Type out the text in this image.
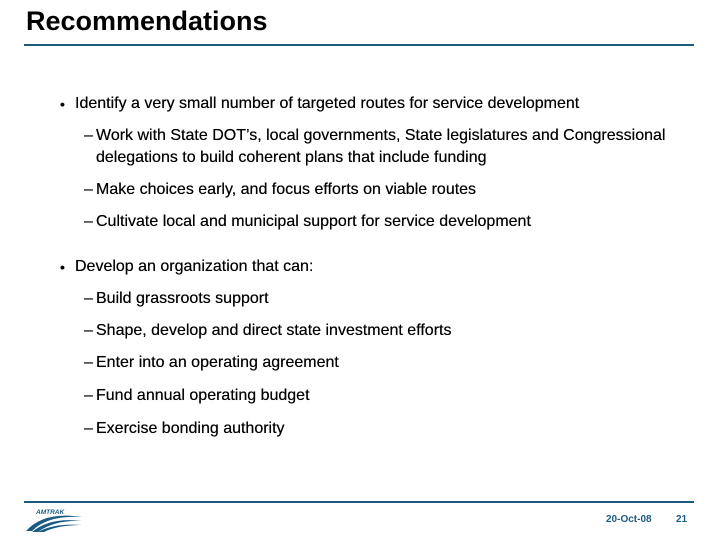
Recommendations
• Identify a very small number of targeted routes for service development
– Work with State DOT’s, local governments, State legislatures and Congressional delegations to build coherent plans that include funding
– Make choices early, and focus efforts on viable routes
– Cultivate local and municipal support for service development
• Develop an organization that can:
– Build grassroots support
– Shape, develop and direct state investment efforts
– Enter into an operating agreement
– Fund annual operating budget
– Exercise bonding authority
AMTRAK
20-Oct-08 21
